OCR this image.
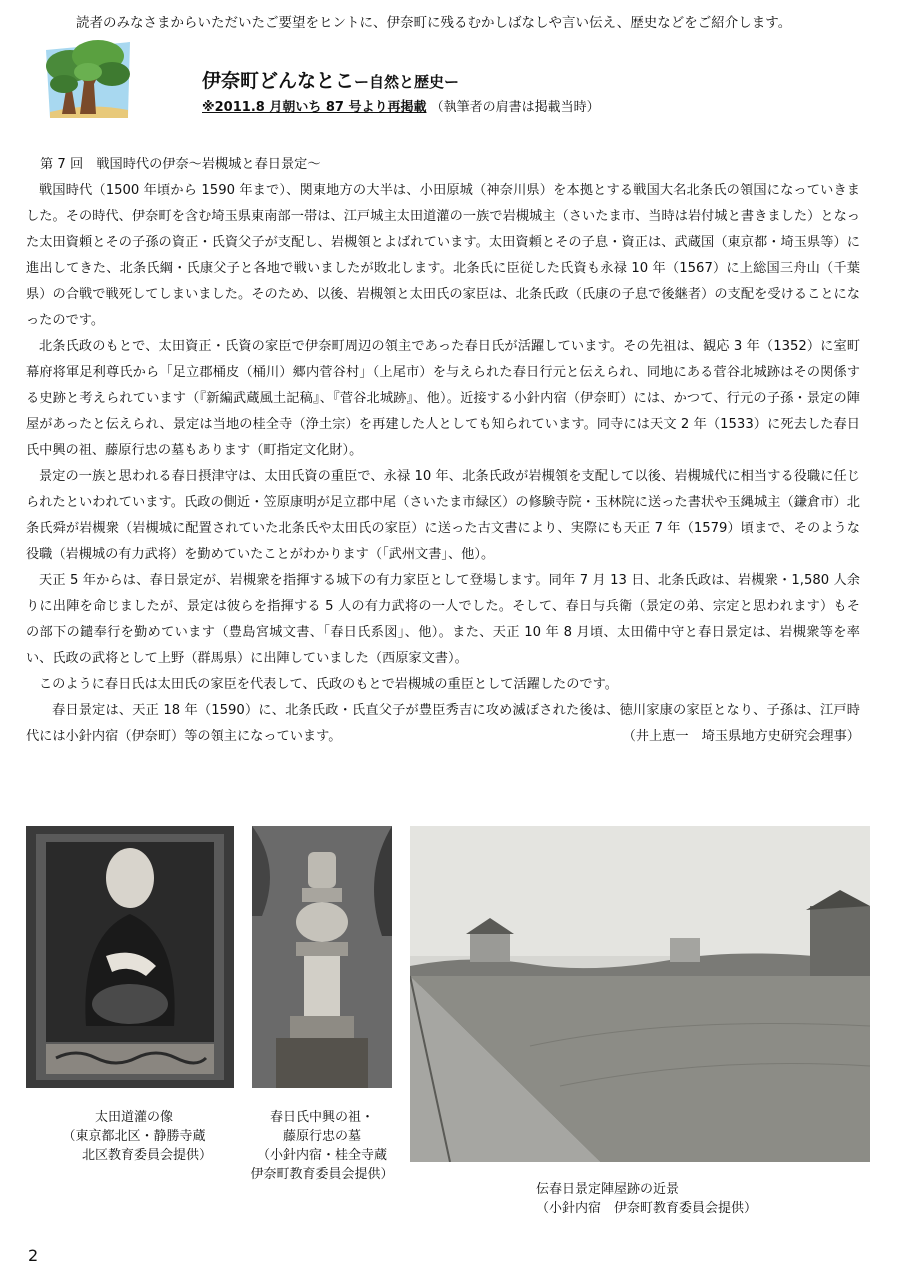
読者のみなさまからいただいたご要望をヒントに、伊奈町に残るむかしばなしや言い伝え、歴史などをご紹介します。
伊奈町どんなとこー自然と歴史ー
※2011.8 月朝いち 87 号より再掲載 （執筆者の肩書は掲載当時）

第 7 回　戦国時代の伊奈～岩槻城と春日景定～

戦国時代（1500 年頃から 1590 年まで）、関東地方の大半は、小田原城（神奈川県）を本拠とする戦国大名北条氏の領国になっていきました。その時代、伊奈町を含む埼玉県東南部一帯は、江戸城主太田道灌の一族で岩槻城主（さいたま市、当時は岩付城と書きました）となった太田資頼とその子孫の資正・氏資父子が支配し、岩槻領とよばれています。太田資頼とその子息・資正は、武蔵国（東京都・埼玉県等）に進出してきた、北条氏綱・氏康父子と各地で戦いましたが敗北します。北条氏に臣従した氏資も永禄 10 年（1567）に上総国三舟山（千葉県）の合戦で戦死してしまいました。そのため、以後、岩槻領と太田氏の家臣は、北条氏政（氏康の子息で後継者）の支配を受けることになったのです。

北条氏政のもとで、太田資正・氏資の家臣で伊奈町周辺の領主であった春日氏が活躍しています。その先祖は、観応 3 年（1352）に室町幕府将軍足利尊氏から「足立郡桶皮（桶川）郷内菅谷村」（上尾市）を与えられた春日行元と伝えられ、同地にある菅谷北城跡はその関係する史跡と考えられています（『新編武蔵風土記稿』、『菅谷北城跡』、他）。近接する小針内宿（伊奈町）には、かつて、行元の子孫・景定の陣屋があったと伝えられ、景定は当地の桂全寺（浄土宗）を再建した人としても知られています。同寺には天文 2 年（1533）に死去した春日氏中興の祖、藤原行忠の墓もあります（町指定文化財）。

景定の一族と思われる春日摂津守は、太田氏資の重臣で、永禄 10 年、北条氏政が岩槻領を支配して以後、岩槻城代に相当する役職に任じられたといわれています。氏政の側近・笠原康明が足立郡中尾（さいたま市緑区）の修験寺院・玉林院に送った書状や玉縄城主（鎌倉市）北条氏舜が岩槻衆（岩槻城に配置されていた北条氏や太田氏の家臣）に送った古文書により、実際にも天正 7 年（1579）頃まで、そのような役職（岩槻城の有力武将）を勤めていたことがわかります（「武州文書」、他）。

天正 5 年からは、春日景定が、岩槻衆を指揮する城下の有力家臣として登場します。同年 7 月 13 日、北条氏政は、岩槻衆・1,580 人余りに出陣を命じましたが、景定は彼らを指揮する 5 人の有力武将の一人でした。そして、春日与兵衛（景定の弟、宗定と思われます）もその部下の鑓奉行を勤めています（豊島宮城文書、「春日氏系図」、他）。また、天正 10 年 8 月頃、太田備中守と春日景定は、岩槻衆等を率い、氏政の武将として上野（群馬県）に出陣していました（西原家文書）。

このように春日氏は太田氏の家臣を代表して、氏政のもとで岩槻城の重臣として活躍したのです。

春日景定は、天正 18 年（1590）に、北条氏政・氏直父子が豊臣秀吉に攻め滅ぼされた後は、徳川家康の家臣となり、子孫は、江戸時代には小針内宿（伊奈町）等の領主になっています。	（井上恵一　埼玉県地方史研究会理事）

太田道灌の像
（東京都北区・静勝寺蔵
　　北区教育委員会提供）
春日氏中興の祖・
藤原行忠の墓
（小針内宿・桂全寺蔵
伊奈町教育委員会提供）
伝春日景定陣屋跡の近景
（小針内宿　伊奈町教育委員会提供）
2
